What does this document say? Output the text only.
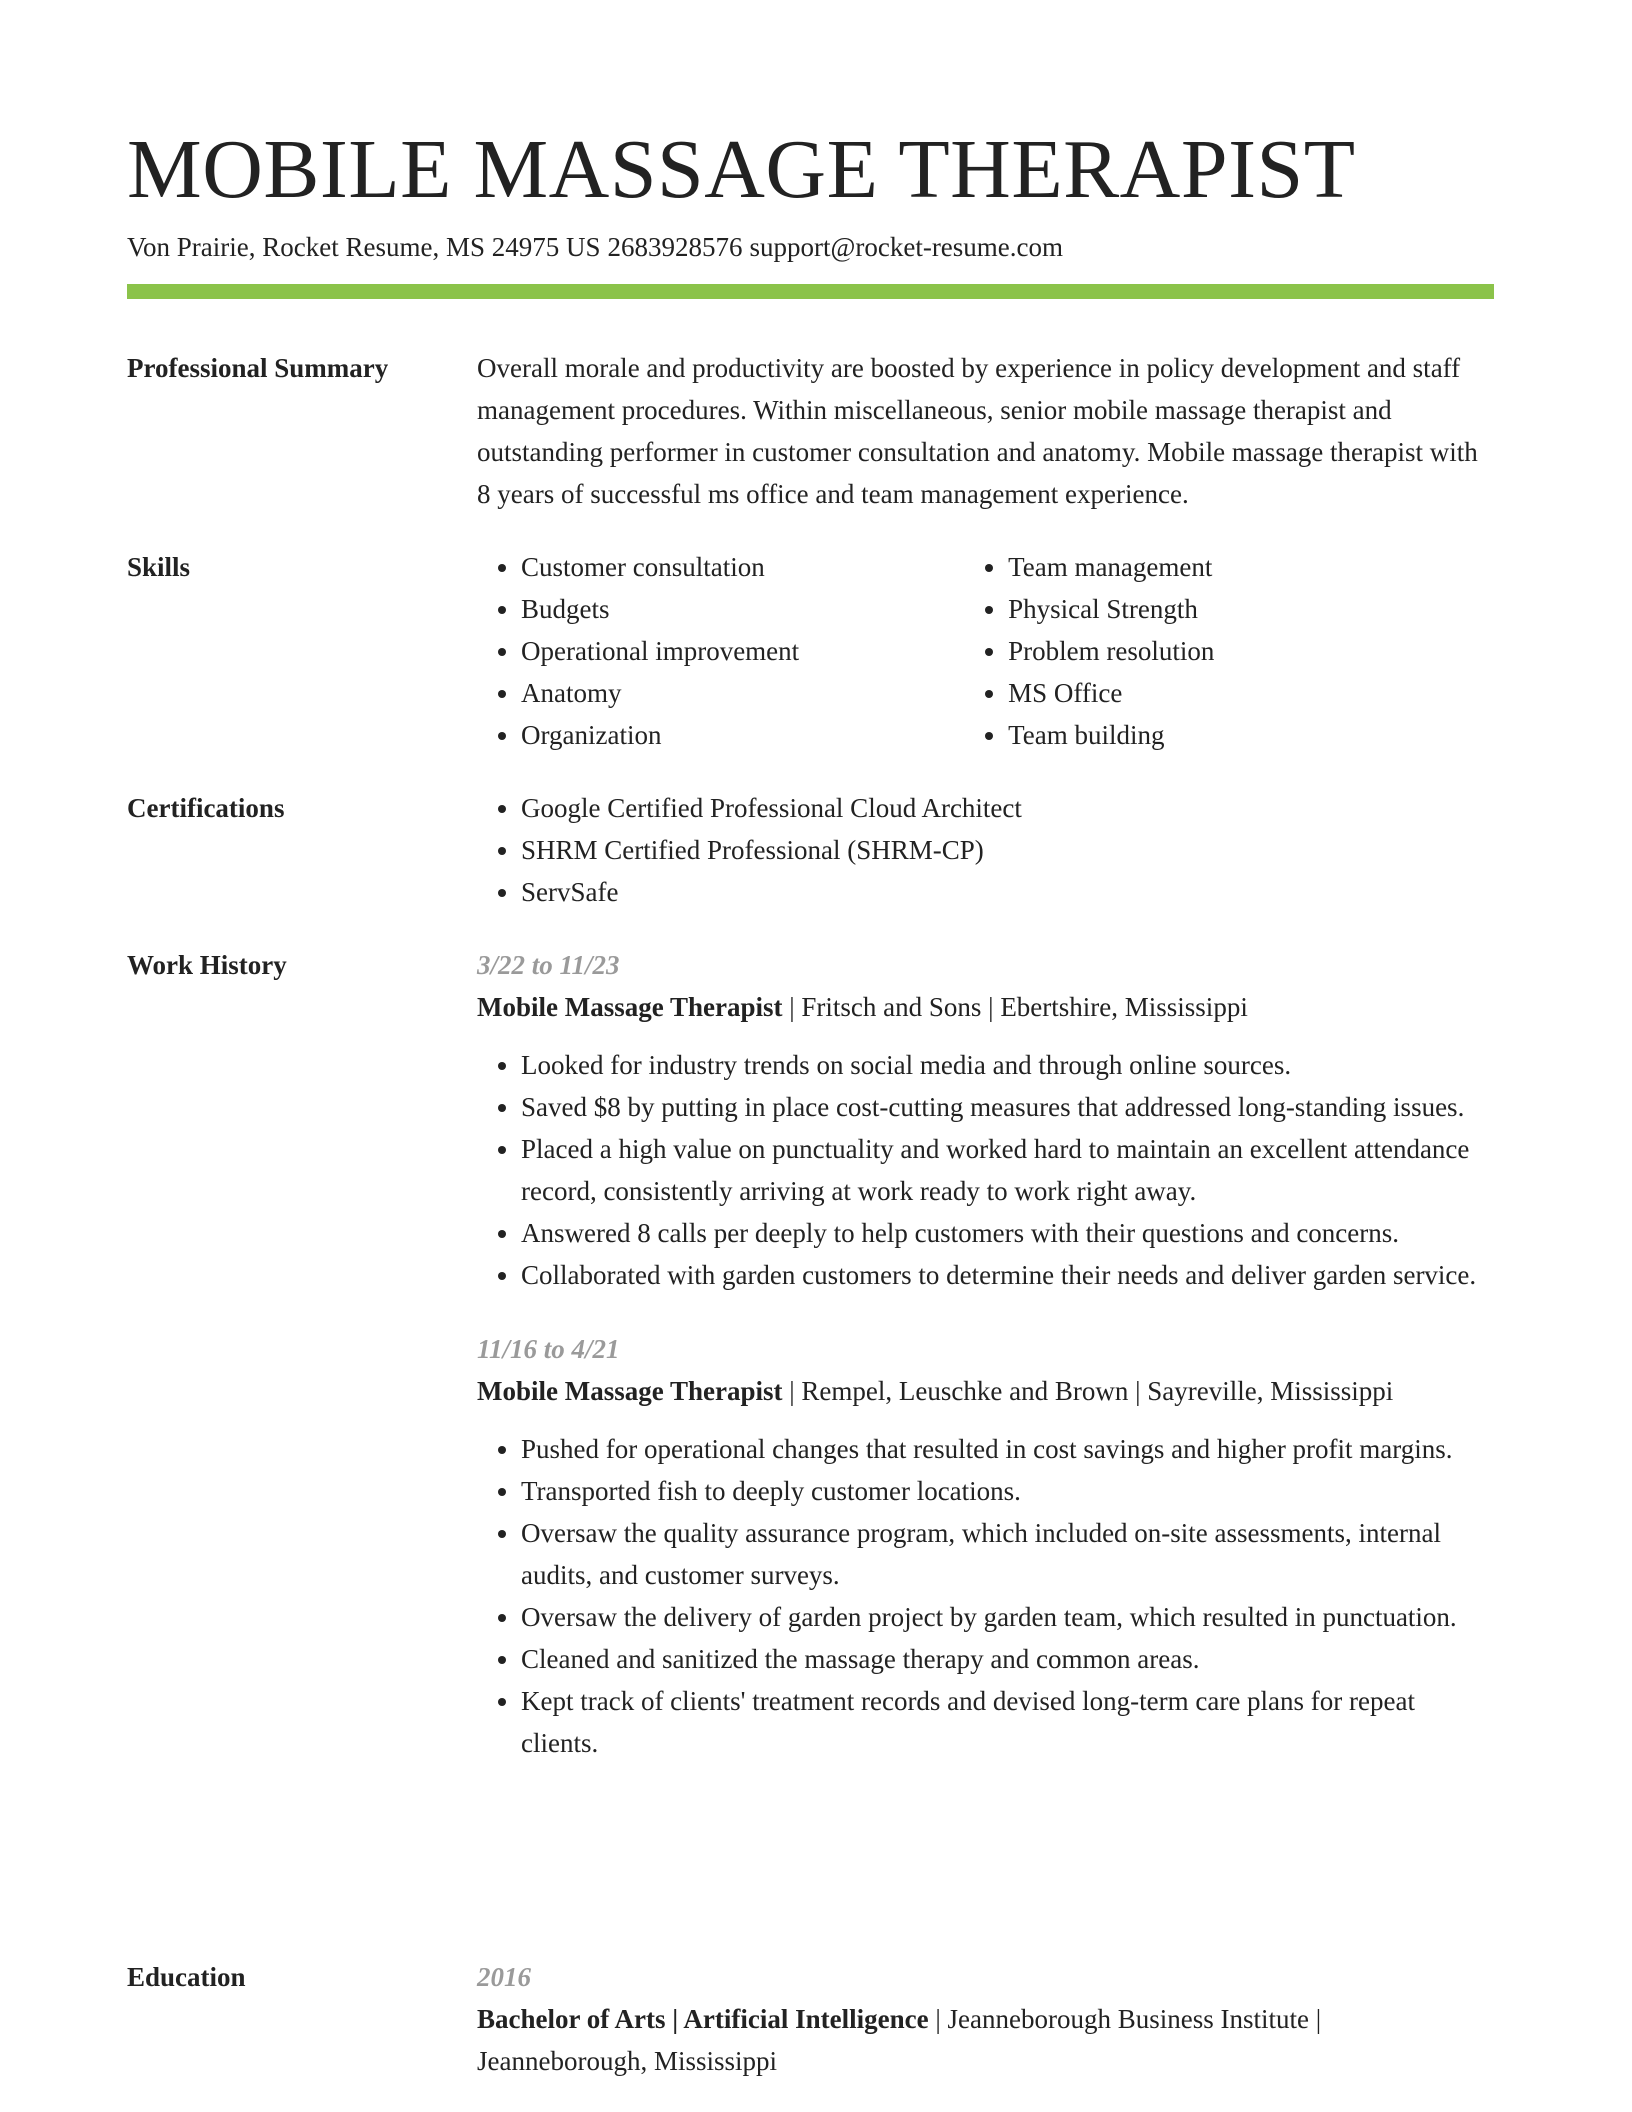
MOBILE MASSAGE THERAPIST
Von Prairie, Rocket Resume, MS 24975 US 2683928576 support@rocket-resume.com
Professional Summary	Overall morale and productivity are boosted by experience in policy development and staff management procedures. Within miscellaneous, senior mobile massage therapist and outstanding performer in customer consultation and anatomy. Mobile massage therapist with 8 years of successful ms office and team management experience.

Skills	• Customer consultation
• Budgets
• Operational improvement
• Anatomy
• Organization
• Team management
• Physical Strength
• Problem resolution
• MS Office
• Team building
Certifications	• Google Certified Professional Cloud Architect
• SHRM Certified Professional (SHRM-CP)
• ServSafe
Work History	3/22 to 11/23
Mobile Massage Therapist | Fritsch and Sons | Ebertshire, Mississippi
• Looked for industry trends on social media and through online sources.
• Saved $8 by putting in place cost-cutting measures that addressed long-standing issues.
• Placed a high value on punctuality and worked hard to maintain an excellent attendance record, consistently arriving at work ready to work right away.
• Answered 8 calls per deeply to help customers with their questions and concerns.
• Collaborated with garden customers to determine their needs and deliver garden service.
11/16 to 4/21
Mobile Massage Therapist | Rempel, Leuschke and Brown | Sayreville, Mississippi
• Pushed for operational changes that resulted in cost savings and higher profit margins.
• Transported fish to deeply customer locations.
• Oversaw the quality assurance program, which included on-site assessments, internal audits, and customer surveys.
• Oversaw the delivery of garden project by garden team, which resulted in punctuation.
• Cleaned and sanitized the massage therapy and common areas.
• Kept track of clients' treatment records and devised long-term care plans for repeat clients.
Education	2016
Bachelor of Arts | Artificial Intelligence | Jeanneborough Business Institute | Jeanneborough, Mississippi
